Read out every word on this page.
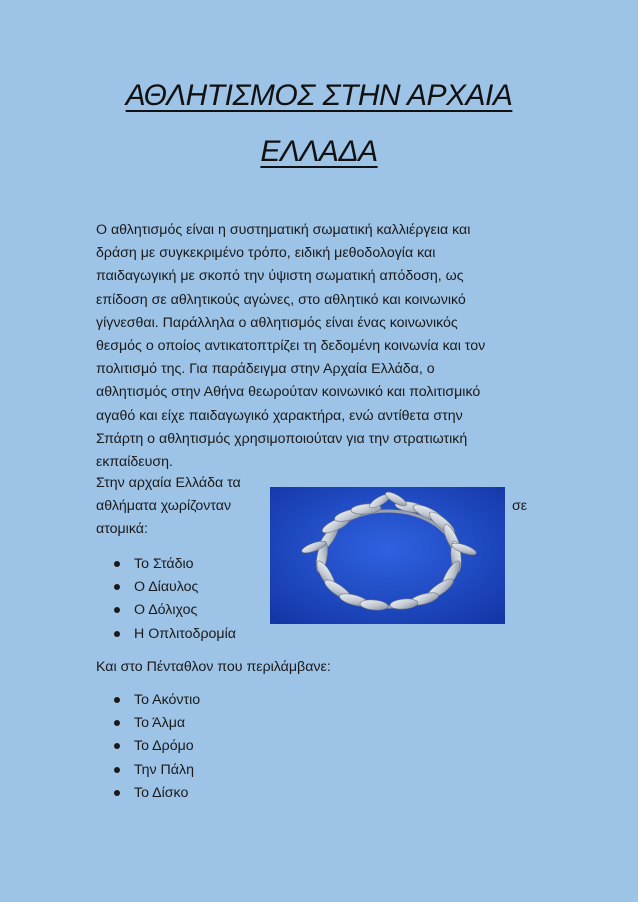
ΑΘΛΗΤΙΣΜΟΣ ΣΤΗΝ ΑΡΧΑΙΑ
ΕΛΛΑΔΑ
Ο αθλητισμός είναι η συστηματική σωματική καλλιέργεια και
δράση με συγκεκριμένο τρόπο, ειδική μεθοδολογία και
παιδαγωγική με σκοπό την ύψιστη σωματική απόδοση, ως
επίδοση σε αθλητικούς αγώνες, στο αθλητικό και κοινωνικό
γίγνεσθαι. Παράλληλα ο αθλητισμός είναι ένας κοινωνικός
θεσμός ο οποίος αντικατοπτρίζει τη δεδομένη κοινωνία και τον
πολιτισμό της. Για παράδειγμα στην Αρχαία Ελλάδα, ο
αθλητισμός στην Αθήνα θεωρούταν κοινωνικό και πολιτισμικό
αγαθό και είχε παιδαγωγικό χαρακτήρα, ενώ αντίθετα στην
Σπάρτη ο αθλητισμός χρησιμοποιούταν για την στρατιωτική
εκπαίδευση.
Στην αρχαία Ελλάδα τα
αθλήματα χωρίζονταν	σε
ατομικά:
Το Στάδιο
Ο Δίαυλος
Ο Δόλιχος
Η Οπλιτοδρομία
Και στο Πένταθλον που περιλάμβανε:
Το Ακόντιο
Το Άλμα
Το Δρόμο
Την Πάλη
Το Δίσκο
